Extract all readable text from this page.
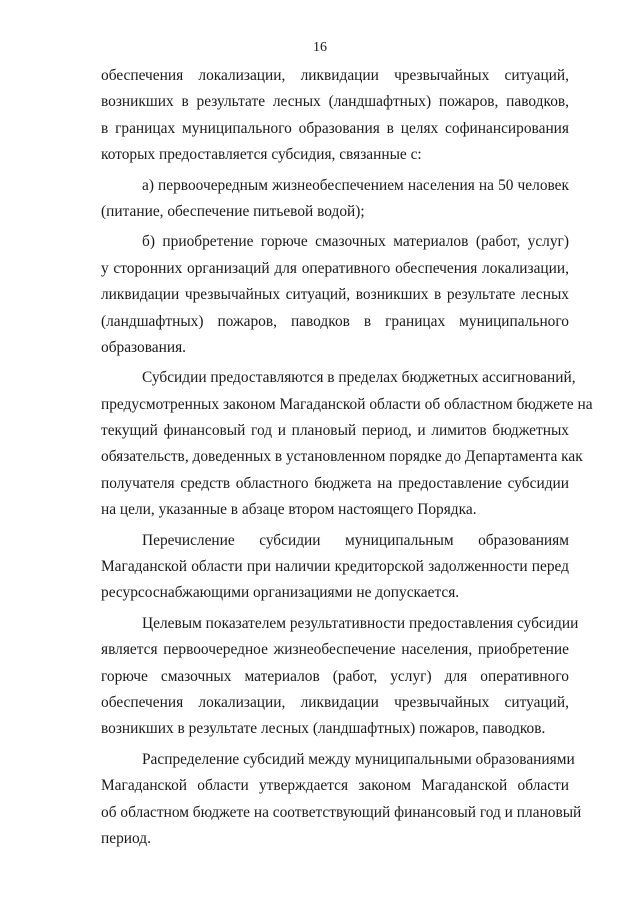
16
обеспечения локализации, ликвидации чрезвычайных ситуаций,
возникших в результате лесных (ландшафтных) пожаров, паводков,
в границах муниципального образования в целях софинансирования
которых предоставляется субсидия, связанные с:
а) первоочередным жизнеобеспечением населения на 50 человек
(питание, обеспечение питьевой водой);
б) приобретение горюче смазочных материалов (работ, услуг)
у сторонних организаций для оперативного обеспечения локализации,
ликвидации чрезвычайных ситуаций, возникших в результате лесных
(ландшафтных) пожаров, паводков в границах муниципального
образования.
Субсидии предоставляются в пределах бюджетных ассигнований,
предусмотренных законом Магаданской области об областном бюджете на
текущий финансовый год и плановый период, и лимитов бюджетных
обязательств, доведенных в установленном порядке до Департамента как
получателя средств областного бюджета на предоставление субсидии
на цели, указанные в абзаце втором настоящего Порядка.
Перечисление субсидии муниципальным образованиям
Магаданской области при наличии кредиторской задолженности перед
ресурсоснабжающими организациями не допускается.
Целевым показателем результативности предоставления субсидии
является первоочередное жизнеобеспечение населения, приобретение
горюче смазочных материалов (работ, услуг) для оперативного
обеспечения локализации, ликвидации чрезвычайных ситуаций,
возникших в результате лесных (ландшафтных) пожаров, паводков.
Распределение субсидий между муниципальными образованиями
Магаданской области утверждается законом Магаданской области
об областном бюджете на соответствующий финансовый год и плановый
период.
